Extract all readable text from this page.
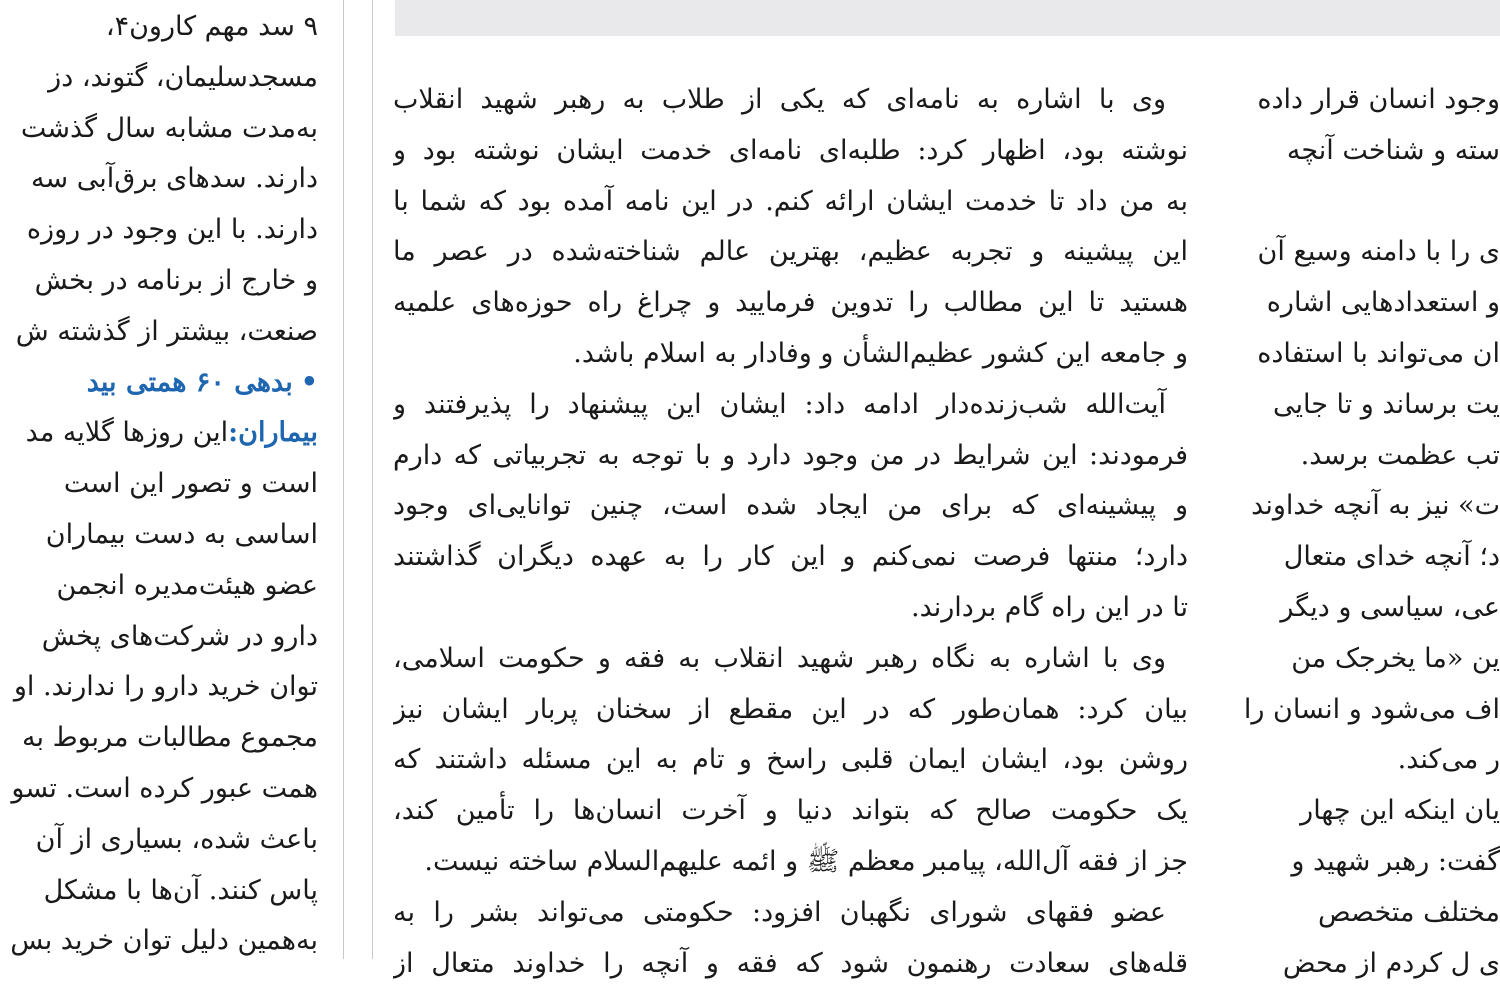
۹ سد مهم کارون۴،
مسجدسلیمان، گتوند، دز
به‌مدت مشابه سال گذشت
دارند. سدهای برق‌آبی سه
دارند. با این وجود در روزه
و خارج از برنامه در بخش
صنعت، بیشتر از گذشته ش
•بدهی ۶۰ همتی بید
بیماران:این روزها گلایه مد
است و تصور این است
اساسی به دست بیماران
عضو هیئت‌مدیره انجمن
دارو در شرکت‌های پخش
توان خرید دارو را ندارند. او
مجموع مطالبات مربوط به
همت عبور کرده است. تسو
باعث شده، بسیاری از آن
پاس کنند. آن‌ها با مشکل
به‌همین دلیل توان خرید بس
وی با اشاره به نامه‌ای که یکی از طلاب به رهبر شهید انقلاب
نوشته بود، اظهار کرد: طلبه‌ای نامه‌ای خدمت ایشان نوشته بود و
به من داد تا خدمت ایشان ارائه کنم. در این نامه آمده بود که شما با
این پیشینه و تجربه عظیم، بهترین عالم شناخته‌شده در عصر ما
هستید تا این مطالب را تدوین فرمایید و چراغ راه حوزه‌های علمیه
و جامعه این کشور عظیم‌الشأن و وفادار به اسلام باشد.
آیت‌الله شب‌زنده‌دار ادامه داد: ایشان این پیشنهاد را پذیرفتند و
فرمودند: این شرایط در من وجود دارد و با توجه به تجربیاتی که دارم
و پیشینه‌ای که برای من ایجاد شده است، چنین توانایی‌ای وجود
دارد؛ منتها فرصت نمی‌کنم و این کار را به عهده دیگران گذاشتند
تا در این راه گام بردارند.
وی با اشاره به نگاه رهبر شهید انقلاب به فقه و حکومت اسلامی،
بیان کرد: همان‌طور که در این مقطع از سخنان پربار ایشان نیز
روشن بود، ایشان ایمان قلبی راسخ و تام به این مسئله داشتند که
یک حکومت صالح که بتواند دنیا و آخرت انسان‌ها را تأمین کند،
جز از فقه آل‌الله، پیامبر معظم ﷺ و ائمه علیهم‌السلام ساخته نیست.
عضو فقهای شورای نگهبان افزود: حکومتی می‌تواند بشر را به
قله‌های سعادت رهنمون شود که فقه و آنچه را خداوند متعال از
وجود انسان قرار داده
سته و شناخت آنچه
ی را با دامنه وسیع آن
و استعدادهایی اشاره
ان می‌تواند با استفاده
یت برساند و تا جایی
تب عظمت برسد.
ت» نیز به آنچه خداوند
د؛ آنچه خدای متعال
عی، سیاسی و دیگر
ین «ما یخرجک من
اف می‌شود و انسان را
ر می‌کند.
یان اینکه این چهار
گفت: رهبر شهید و
مختلف متخصص
ی ل کردم از محض
